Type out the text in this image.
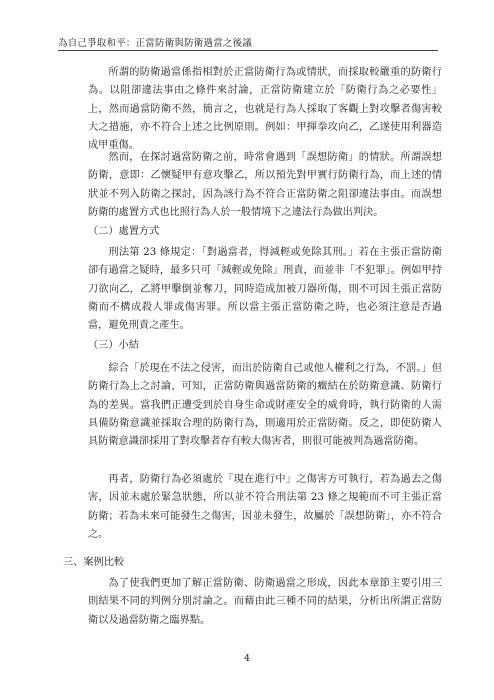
為自己爭取和平：正當防衛與防衛過當之後議

所謂的防衛過當係指相對於正當防衛行為或情狀，而採取較嚴重的防衛行為。以阻卻違法事由之條件來討論，正當防衛建立於「防衛行為之必要性」上，然而過當防衛不然，簡言之，也就是行為人採取了客觀上對攻擊者傷害較大之措施，亦不符合上述之比例原則。例如：甲揮拳攻向乙，乙遂使用利器造成甲重傷。

然而，在探討過當防衛之前，時常會遇到「誤想防衛」的情狀。所謂誤想防衛，意即：乙懷疑甲有意攻擊乙，所以預先對甲實行防衛行為，而上述的情狀並不列入防衛之探討，因為該行為不符合正當防衛之阻卻違法事由。而誤想防衛的處置方式也比照行為人於一般情境下之違法行為做出判決。

（二）處置方式

刑法第 23 條規定：「對過當者，得減輕或免除其刑。」若在主張正當防衛卻有過當之疑時，最多只可「減輕或免除」刑責，而並非「不犯罪」。例如甲持刀欲向乙，乙將甲擊倒並奪刀，同時造成加被刀器所傷，則不可因主張正當防衛而不構成殺人罪或傷害罪。所以當主張正當防衛之時，也必須注意是否過當，避免刑責之產生。

（三）小結

綜合「於現在不法之侵害，而出於防衛自己或他人權利之行為，不罰。」但防衛行為上之討論，可知，正當防衛與過當防衛的癥結在於防衛意識、防衛行為的差異。當我們正遭受到於自身生命或財產安全的威脅時，執行防衛的人需具備防衛意識並採取合理的防衛行為，則適用於正當防衛。反之，即使防衛人具防衛意識卻採用了對攻擊者存有較大傷害者，則很可能被判為過當防衛。

再者，防衛行為必須處於「現在進行中」之傷害方可執行，若為過去之傷害，因並未處於緊急狀態，所以並不符合刑法第 23 條之規範而不可主張正當防衛；若為未來可能發生之傷害，因並未發生，故屬於「誤想防衛」，亦不符合之。

三、案例比較

為了使我們更加了解正當防衛、防衛過當之形成，因此本章節主要引用三則結果不同的判例分別討論之。而藉由此三種不同的結果，分析出所謂正當防衛以及過當防衛之臨界點。

4
